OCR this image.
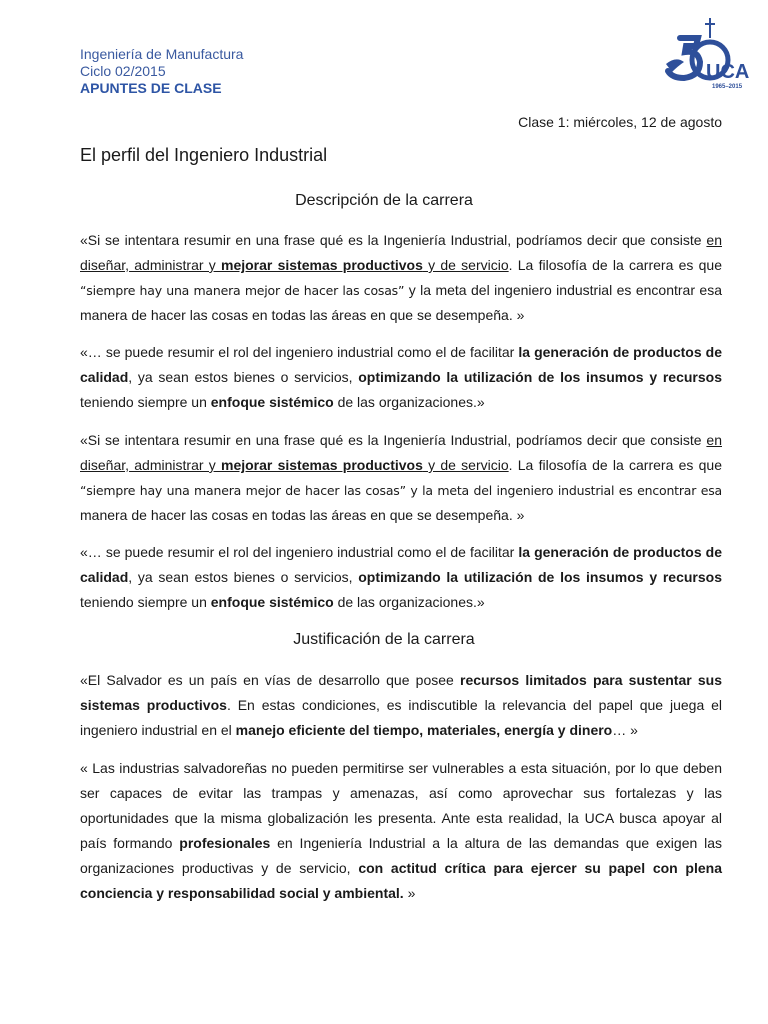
Ingeniería de Manufactura
Ciclo 02/2015
APUNTES DE CLASE
UCA
1965–2015
Clase 1: miércoles, 12 de agosto
El perfil del Ingeniero Industrial
Descripción de la carrera

«Si se intentara resumir en una frase qué es la Ingeniería Industrial, podríamos decir que consiste en diseñar, administrar y mejorar sistemas productivos y de servicio. La filosofía de la carrera es que “siempre hay una manera mejor de hacer las cosas” y la meta del ingeniero industrial es encontrar esa manera de hacer las cosas en todas las áreas en que se desempeña. »

«… se puede resumir el rol del ingeniero industrial como el de facilitar la generación de productos de calidad, ya sean estos bienes o servicios, optimizando la utilización de los insumos y recursos teniendo siempre un enfoque sistémico de las organizaciones.»

«Si se intentara resumir en una frase qué es la Ingeniería Industrial, podríamos decir que consiste en diseñar, administrar y mejorar sistemas productivos y de servicio. La filosofía de la carrera es que “siempre hay una manera mejor de hacer las cosas” y la meta del ingeniero industrial es encontrar esa manera de hacer las cosas en todas las áreas en que se desempeña. »

«… se puede resumir el rol del ingeniero industrial como el de facilitar la generación de productos de calidad, ya sean estos bienes o servicios, optimizando la utilización de los insumos y recursos teniendo siempre un enfoque sistémico de las organizaciones.»

Justificación de la carrera

«El Salvador es un país en vías de desarrollo que posee recursos limitados para sustentar sus sistemas productivos. En estas condiciones, es indiscutible la relevancia del papel que juega el ingeniero industrial en el manejo eficiente del tiempo, materiales, energía y dinero… »

« Las industrias salvadoreñas no pueden permitirse ser vulnerables a esta situación, por lo que deben ser capaces de evitar las trampas y amenazas, así como aprovechar sus fortalezas y las oportunidades que la misma globalización les presenta. Ante esta realidad, la UCA busca apoyar al país formando profesionales en Ingeniería Industrial a la altura de las demandas que exigen las organizaciones productivas y de servicio, con actitud crítica para ejercer su papel con plena conciencia y responsabilidad social y ambiental. »
